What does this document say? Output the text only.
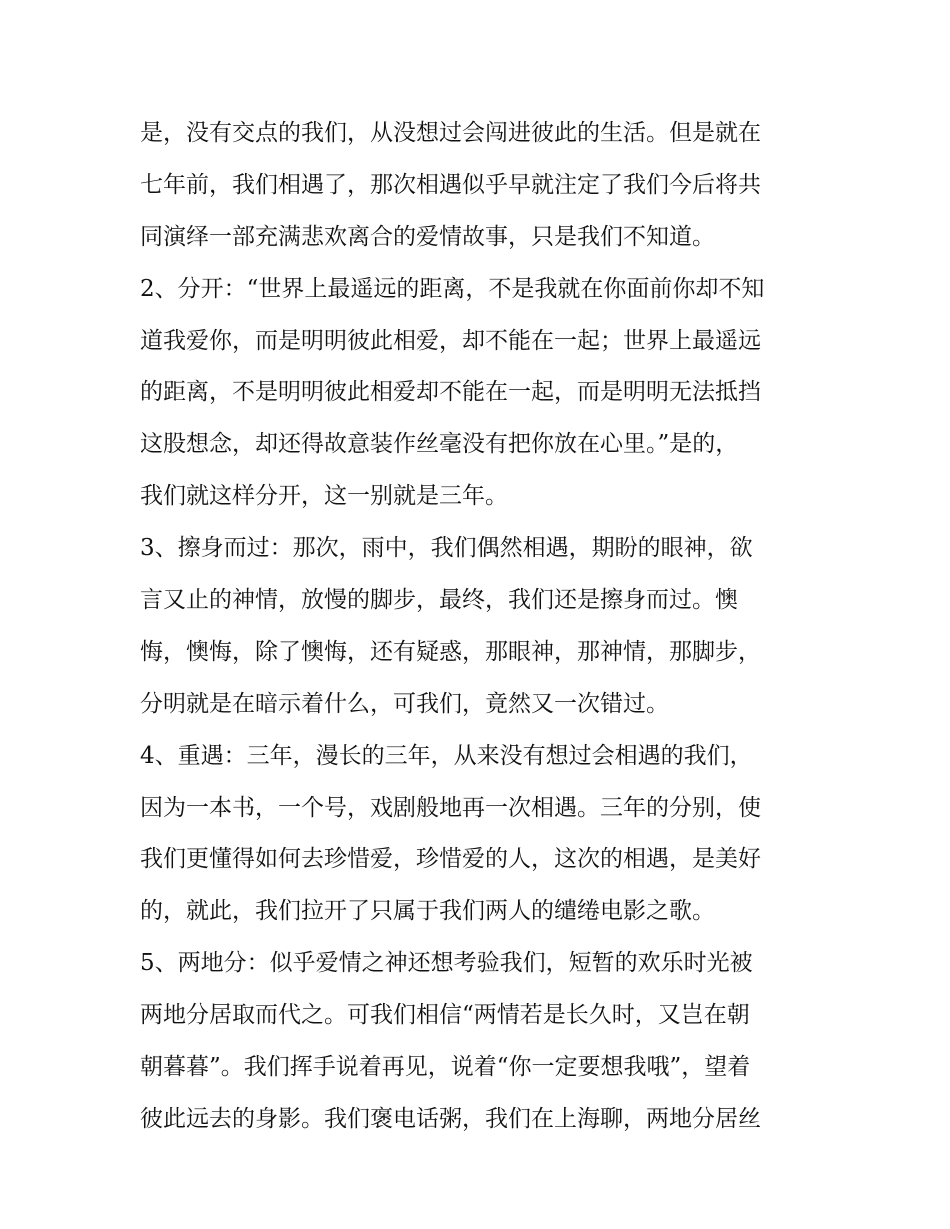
是，没有交点的我们，从没想过会闯进彼此的生活。但是就在
七年前，我们相遇了，那次相遇似乎早就注定了我们今后将共
同演绎一部充满悲欢离合的爱情故事，只是我们不知道。
2、分开：“世界上最遥远的距离，不是我就在你面前你却不知
道我爱你，而是明明彼此相爱，却不能在一起；世界上最遥远
的距离，不是明明彼此相爱却不能在一起，而是明明无法抵挡
这股想念，却还得故意装作丝毫没有把你放在心里。”是的，
我们就这样分开，这一别就是三年。
3、擦身而过：那次，雨中，我们偶然相遇，期盼的眼神，欲
言又止的神情，放慢的脚步，最终，我们还是擦身而过。懊
悔，懊悔，除了懊悔，还有疑惑，那眼神，那神情，那脚步，
分明就是在暗示着什么，可我们，竟然又一次错过。
4、重遇：三年，漫长的三年，从来没有想过会相遇的我们，
因为一本书，一个号，戏剧般地再一次相遇。三年的分别，使
我们更懂得如何去珍惜爱，珍惜爱的人，这次的相遇，是美好
的，就此，我们拉开了只属于我们两人的缱绻电影之歌。
5、两地分：似乎爱情之神还想考验我们，短暂的欢乐时光被
两地分居取而代之。可我们相信“两情若是长久时，又岂在朝
朝暮暮”。我们挥手说着再见，说着“你一定要想我哦”，望着
彼此远去的身影。我们褒电话粥，我们在上海聊，两地分居丝
